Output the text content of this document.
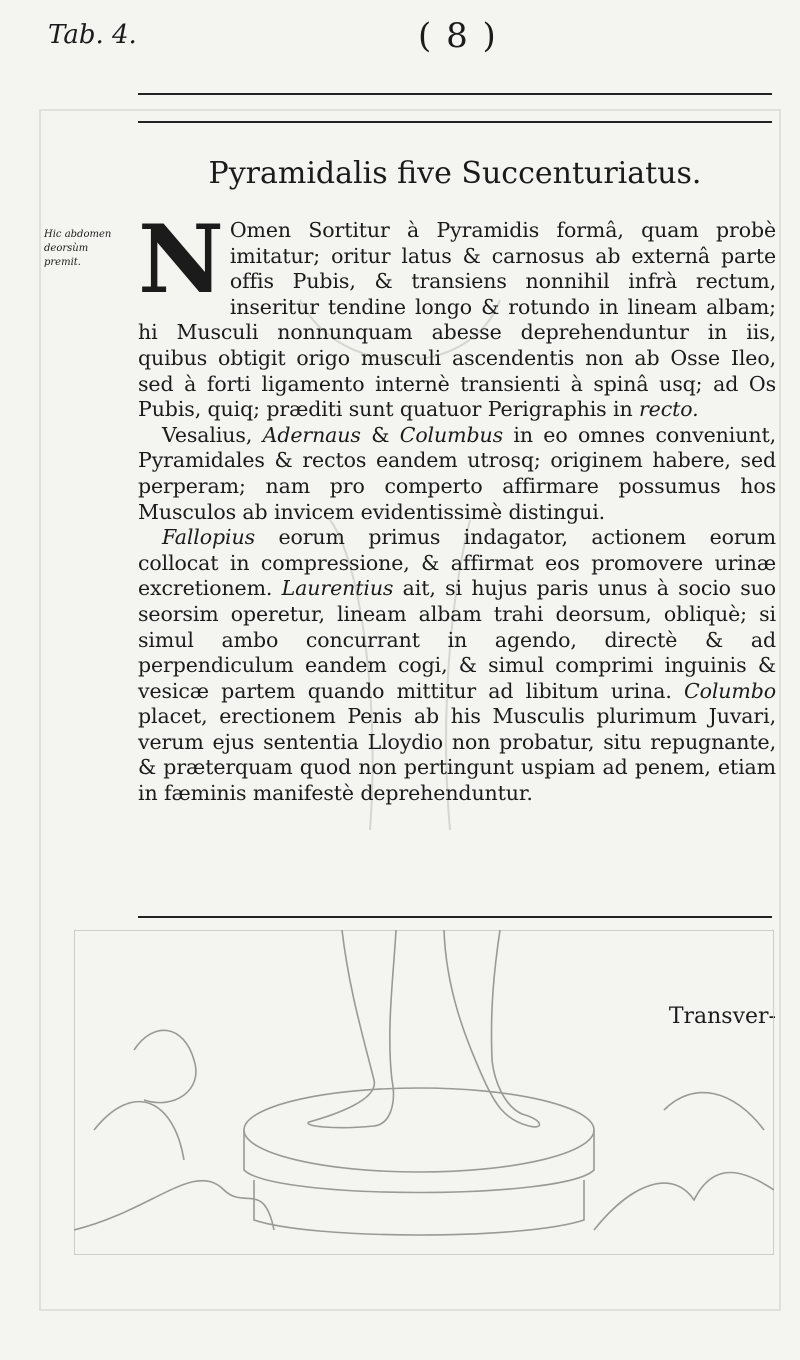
Tab. 4.	( 8 )
Pyramidalis five Succenturiatus.
Hic abdomen deorsùm premit. N Omen Sortitur à Pyramidis formâ, quam probè imitatur; oritur latus & carnosus ab externâ parte offis Pubis, & transiens nonnihil infrà rectum, inseritur tendine longo & rotundo in lineam albam; hi Musculi nonnunquam abesse deprehenduntur in iis, quibus obtigit origo musculi ascendentis non ab Osse Ileo, sed à forti ligamento internè transienti à spinâ usq; ad Os Pubis, quiq; præditi sunt quatuor Perigraphis in recto.

Vesalius, Adernaus & Columbus in eo omnes conveniunt, Pyramidales & rectos eandem utrosq; originem habere, sed perperam; nam pro comperto affirmare possumus hos Musculos ab invicem evidentissimè distingui.

Fallopius eorum primus indagator, actionem eorum collocat in compressione, & affirmat eos promovere urinæ excretionem. Laurentius ait, si hujus paris unus à socio suo seorsim operetur, lineam albam trahi deorsum, obliquè; si simul ambo concurrant in agendo, directè & ad perpendiculum eandem cogi, & simul comprimi inguinis & vesicæ partem quando mittitur ad libitum urina. Columbo placet, erectionem Penis ab his Musculis plurimum Juvari, verum ejus sententia Lloydio non probatur, situ repugnante, & præterquam quod non pertingunt uspiam ad penem, etiam in fæminis manifestè deprehenduntur.

Transver-
